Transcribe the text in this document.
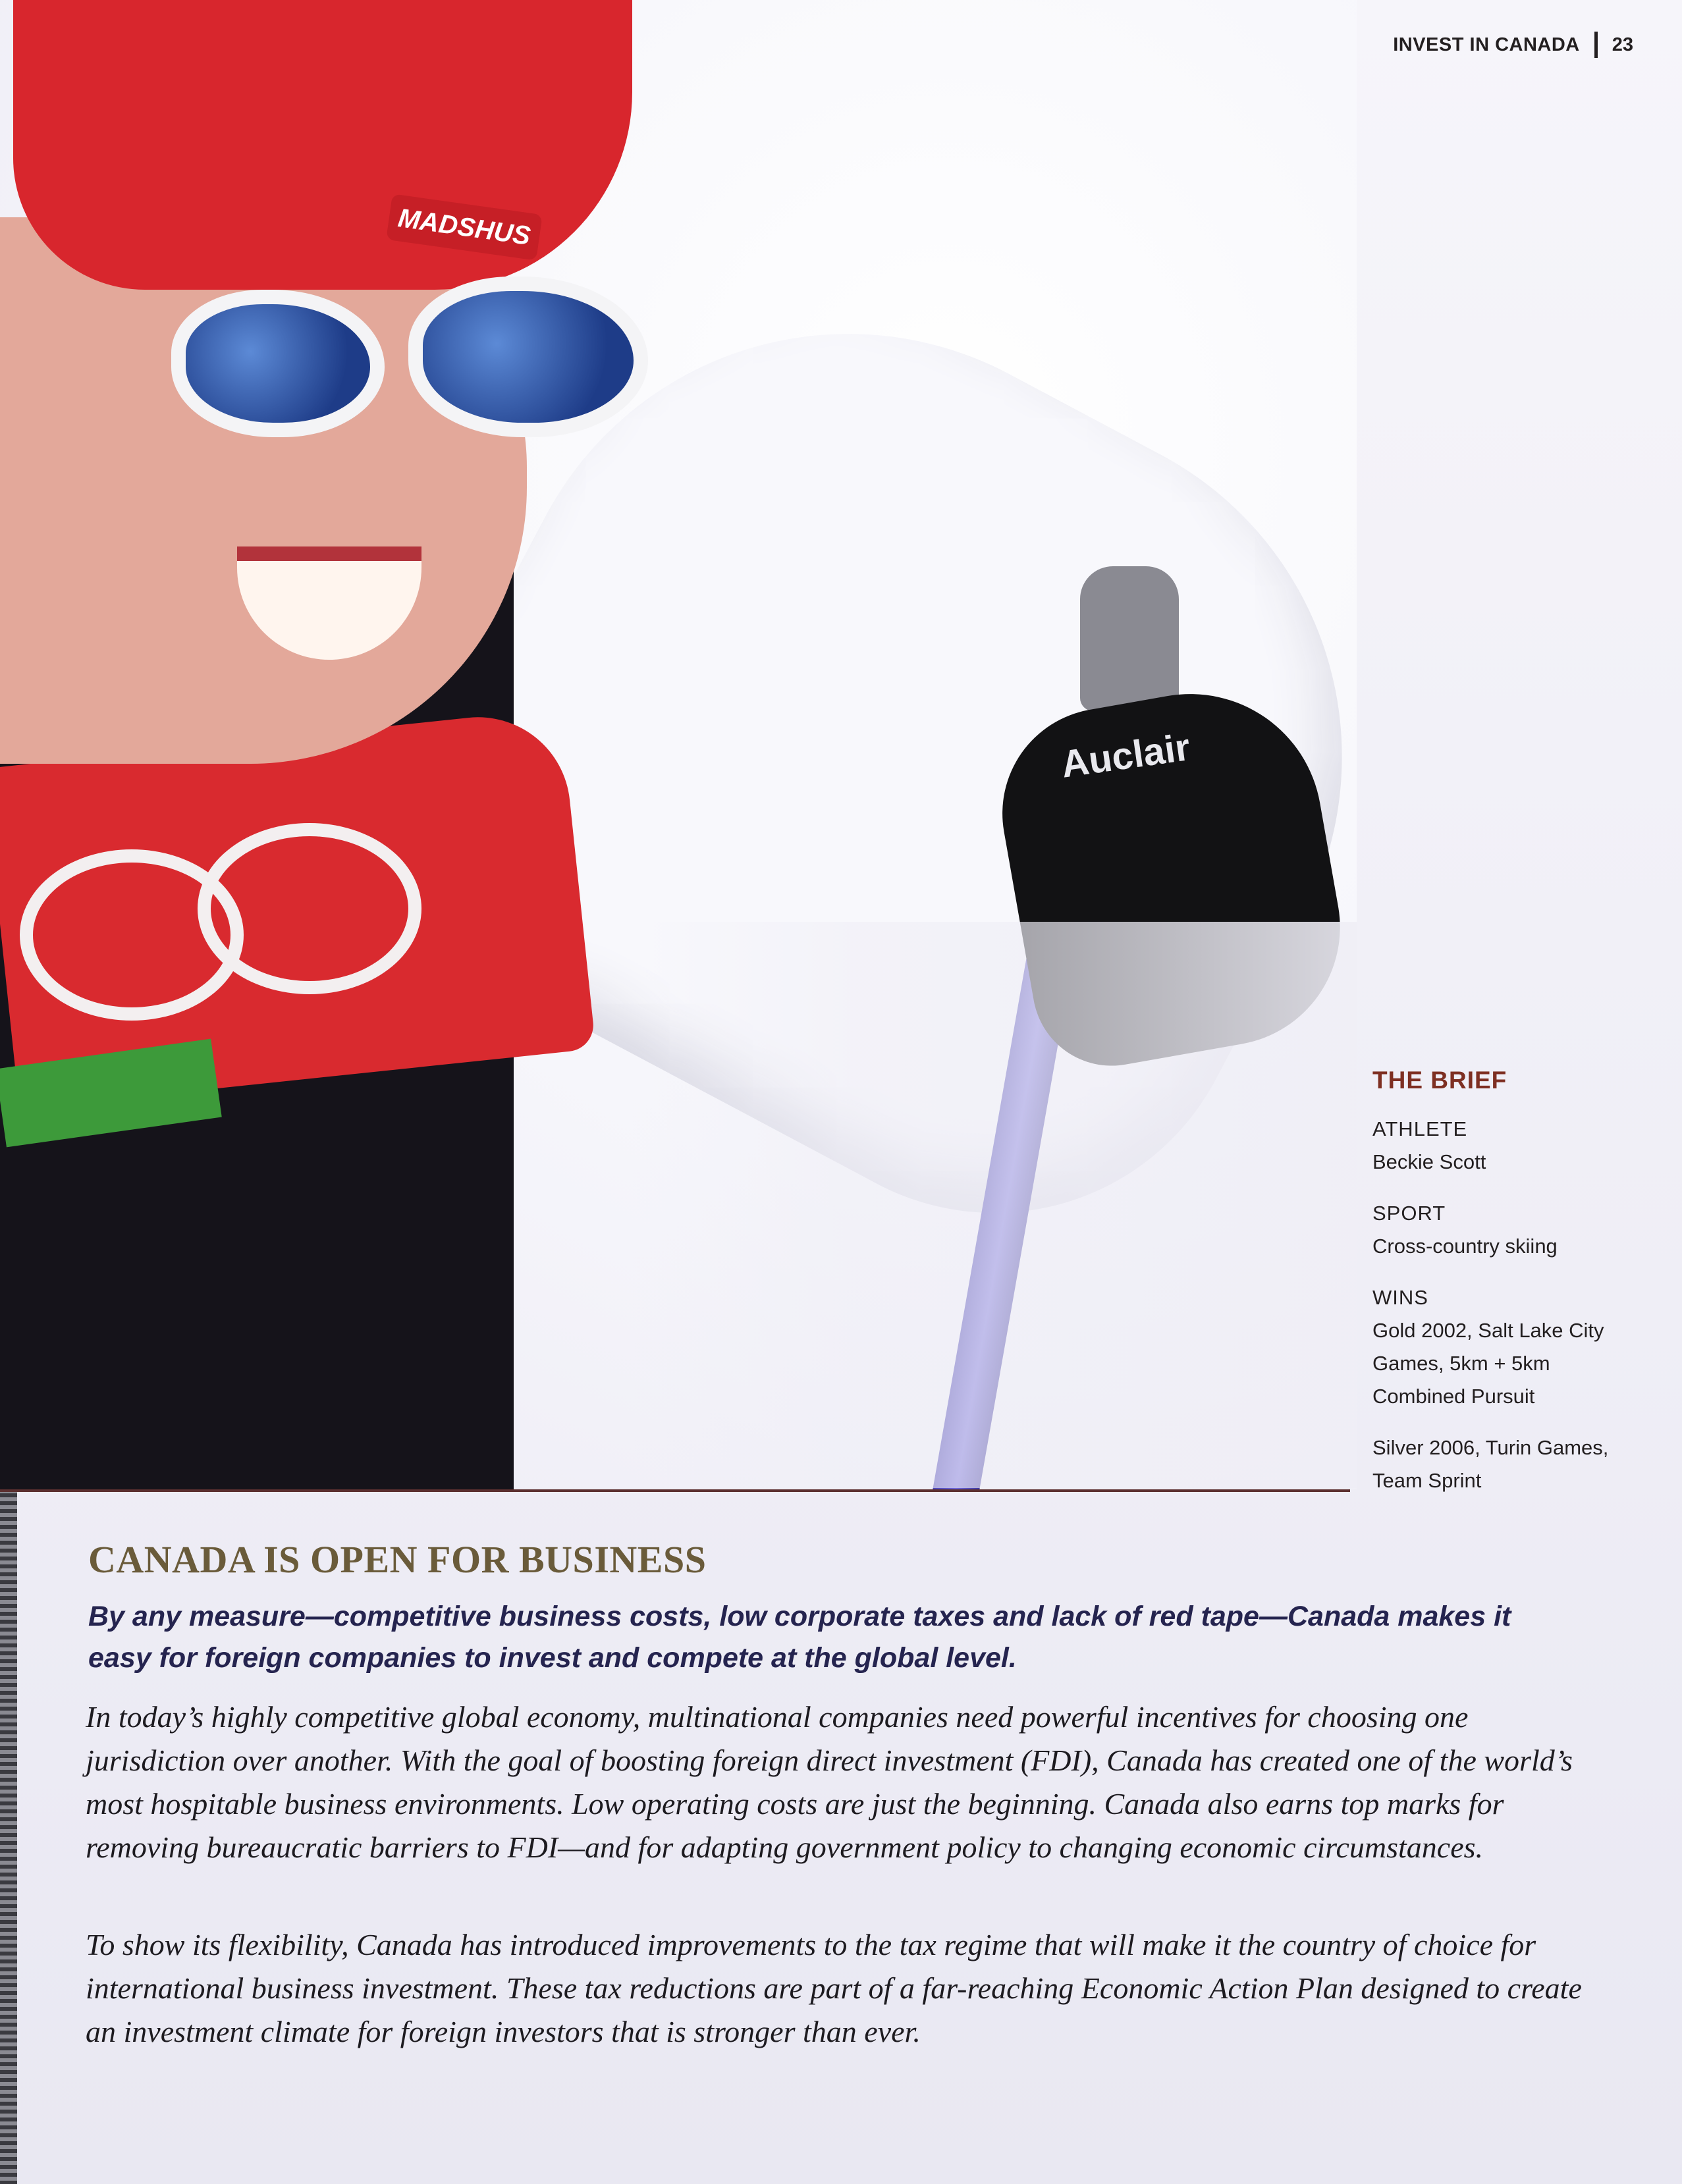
MADSHUS
Auclair
INVEST IN CANADA 23
THE BRIEF
ATHLETE
Beckie Scott
SPORT
Cross-country skiing
WINS
Gold 2002, Salt Lake City
Games, 5km + 5km
Combined Pursuit
Silver 2006, Turin Games,
Team Sprint
CANADA IS OPEN FOR BUSINESS
By any measure—competitive business costs, low corporate taxes and lack of red tape—Canada makes it easy for foreign companies to invest and compete at the global level.
In today’s highly competitive global economy, multinational companies need powerful incentives for choosing one jurisdiction over another. With the goal of boosting foreign direct investment (FDI), Canada has created one of the world’s most hospitable business environments. Low operating costs are just the beginning. Canada also earns top marks for removing bureaucratic barriers to FDI—and for adapting government policy to changing economic circumstances.
To show its flexibility, Canada has introduced improvements to the tax regime that will make it the country of choice for international business investment. These tax reductions are part of a far-reaching Economic Action Plan designed to create an investment climate for foreign investors that is stronger than ever.
